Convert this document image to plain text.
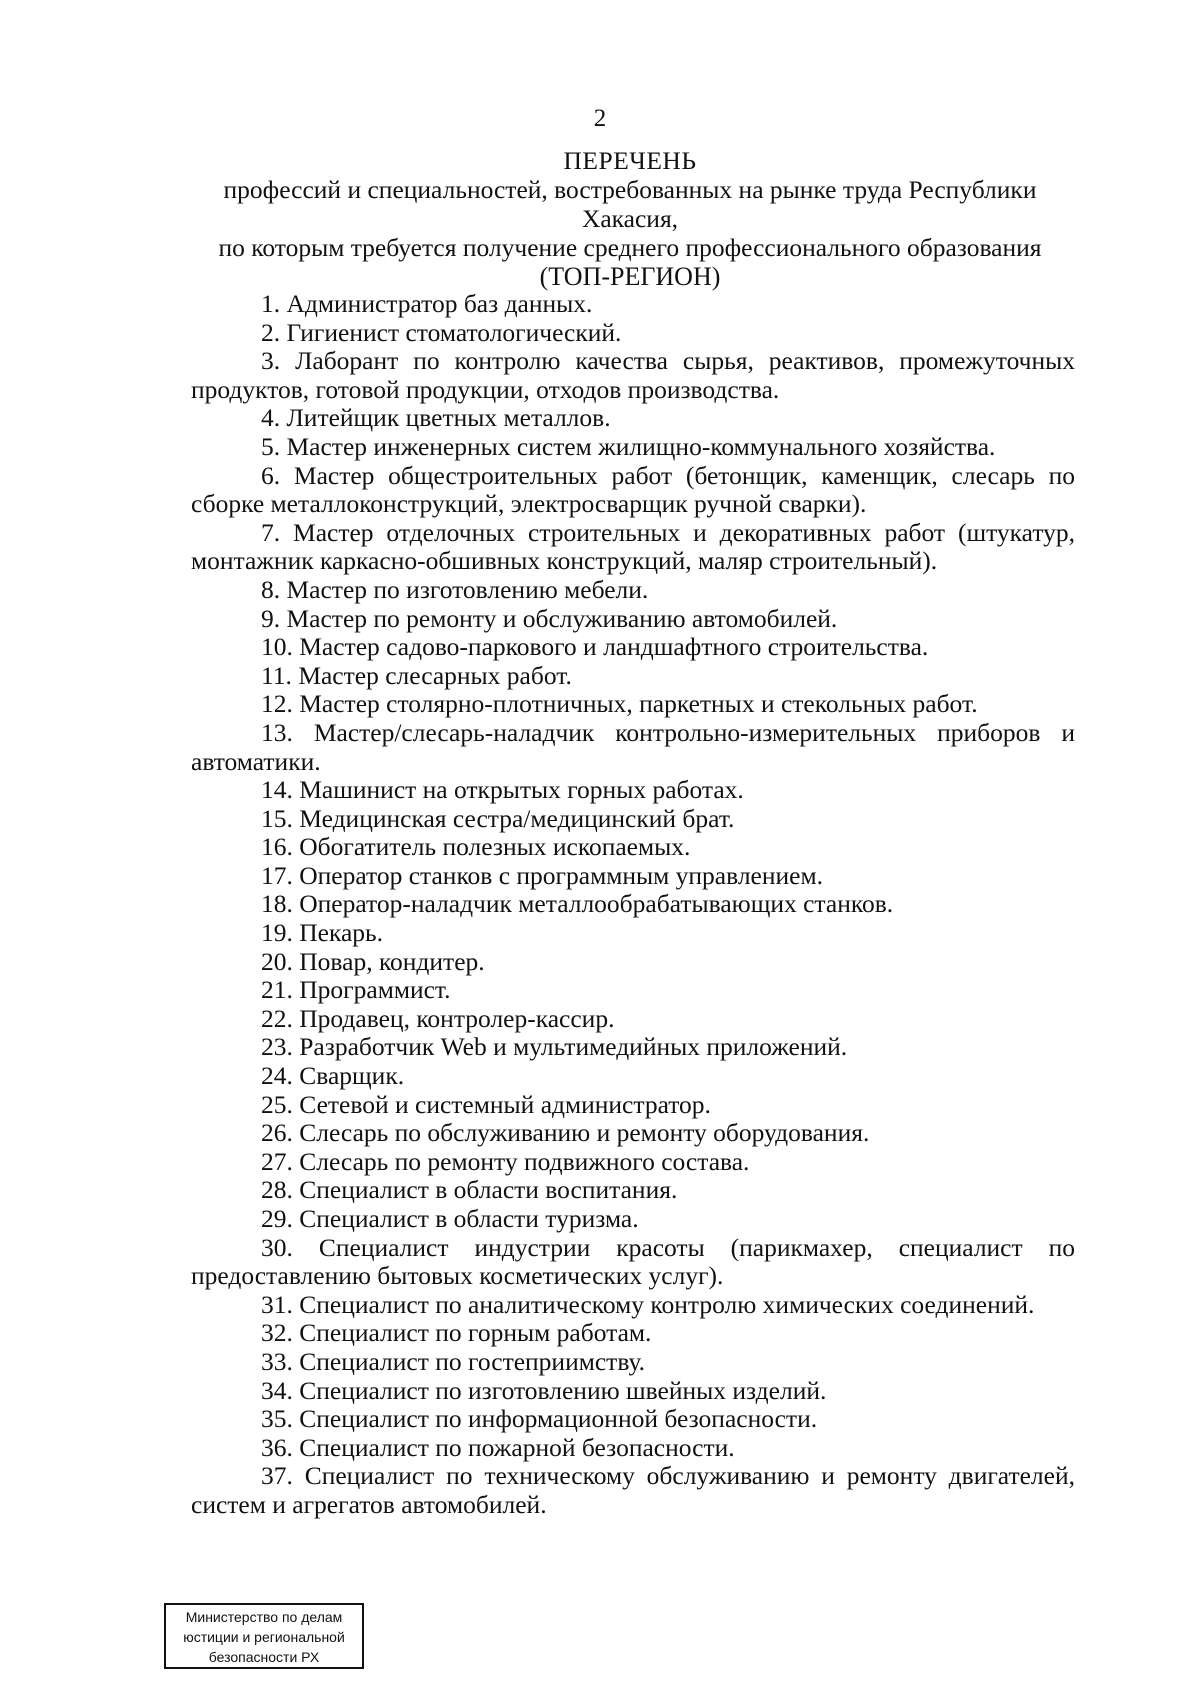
2
ПЕРЕЧЕНЬ
профессий и специальностей, востребованных на рынке труда Республики Хакасия,
по которым требуется получение среднего профессионального образования
(ТОП-РЕГИОН)

1. Администратор баз данных.

2. Гигиенист стоматологический.

3. Лаборант по контролю качества сырья, реактивов, промежуточных продуктов, готовой продукции, отходов производства.

4. Литейщик цветных металлов.

5. Мастер инженерных систем жилищно-коммунального хозяйства.

6. Мастер общестроительных работ (бетонщик, каменщик, слесарь по сборке металлоконструкций, электросварщик ручной сварки).

7. Мастер отделочных строительных и декоративных работ (штукатур, монтажник каркасно-обшивных конструкций, маляр строительный).

8. Мастер по изготовлению мебели.

9. Мастер по ремонту и обслуживанию автомобилей.

10. Мастер садово-паркового и ландшафтного строительства.

11. Мастер слесарных работ.

12. Мастер столярно-плотничных, паркетных и стекольных работ.

13. Мастер/слесарь-наладчик контрольно-измерительных приборов и автоматики.

14. Машинист на открытых горных работах.

15. Медицинская сестра/медицинский брат.

16. Обогатитель полезных ископаемых.

17. Оператор станков с программным управлением.

18. Оператор-наладчик металлообрабатывающих станков.

19. Пекарь.

20. Повар, кондитер.

21. Программист.

22. Продавец, контролер-кассир.

23. Разработчик Web и мультимедийных приложений.

24. Сварщик.

25. Сетевой и системный администратор.

26. Слесарь по обслуживанию и ремонту оборудования.

27. Слесарь по ремонту подвижного состава.

28. Специалист в области воспитания.

29. Специалист в области туризма.

30. Специалист индустрии красоты (парикмахер, специалист по предоставлению бытовых косметических услуг).

31. Специалист по аналитическому контролю химических соединений.

32. Специалист по горным работам.

33. Специалист по гостеприимству.

34. Специалист по изготовлению швейных изделий.

35. Специалист по информационной безопасности.

36. Специалист по пожарной безопасности.

37. Специалист по техническому обслуживанию и ремонту двигателей, систем и агрегатов автомобилей.

Министерство по делам
юстиции и региональной
безопасности РХ
